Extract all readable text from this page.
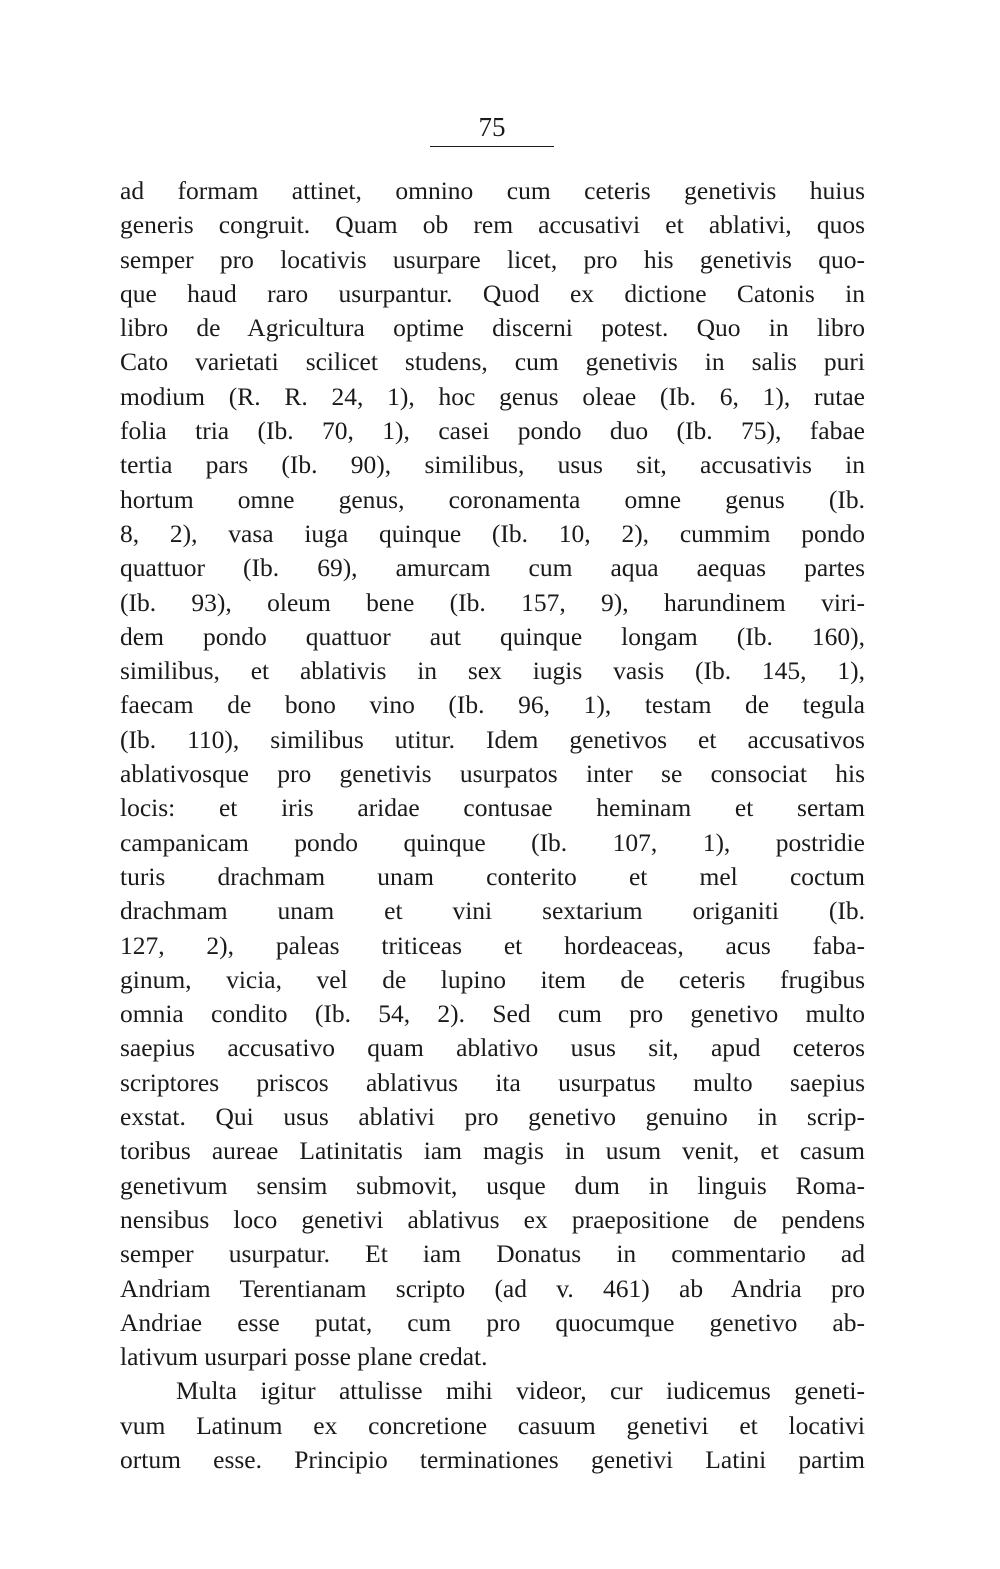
75
ad formam attinet, omnino cum ceteris genetivis huius
generis congruit. Quam ob rem accusativi et ablativi, quos
semper pro locativis usurpare licet, pro his genetivis quo-
que haud raro usurpantur. Quod ex dictione Catonis in
libro de Agricultura optime discerni potest. Quo in libro
Cato varietati scilicet studens, cum genetivis in salis puri
modium (R. R. 24, 1), hoc genus oleae (Ib. 6, 1), rutae
folia tria (Ib. 70, 1), casei pondo duo (Ib. 75), fabae
tertia pars (Ib. 90), similibus, usus sit, accusativis in
hortum omne genus, coronamenta omne genus (Ib.
8, 2), vasa iuga quinque (Ib. 10, 2), cummim pondo
quattuor (Ib. 69), amurcam cum aqua aequas partes
(Ib. 93), oleum bene (Ib. 157, 9), harundinem viri-
dem pondo quattuor aut quinque longam (Ib. 160),
similibus, et ablativis in sex iugis vasis (Ib. 145, 1),
faecam de bono vino (Ib. 96, 1), testam de tegula
(Ib. 110), similibus utitur. Idem genetivos et accusativos
ablativosque pro genetivis usurpatos inter se consociat his
locis: et iris aridae contusae heminam et sertam
campanicam pondo quinque (Ib. 107, 1), postridie
turis drachmam unam conterito et mel coctum
drachmam unam et vini sextarium origaniti (Ib.
127, 2), paleas triticeas et hordeaceas, acus faba-
ginum, vicia, vel de lupino item de ceteris frugibus
omnia condito (Ib. 54, 2). Sed cum pro genetivo multo
saepius accusativo quam ablativo usus sit, apud ceteros
scriptores priscos ablativus ita usurpatus multo saepius
exstat. Qui usus ablativi pro genetivo genuino in scrip-
toribus aureae Latinitatis iam magis in usum venit, et casum
genetivum sensim submovit, usque dum in linguis Roma-
nensibus loco genetivi ablativus ex praepositione de pendens
semper usurpatur. Et iam Donatus in commentario ad
Andriam Terentianam scripto (ad v. 461) ab Andria pro
Andriae esse putat, cum pro quocumque genetivo ab-
lativum usurpari posse plane credat.
Multa igitur attulisse mihi videor, cur iudicemus geneti-
vum Latinum ex concretione casuum genetivi et locativi
ortum esse. Principio terminationes genetivi Latini partim
